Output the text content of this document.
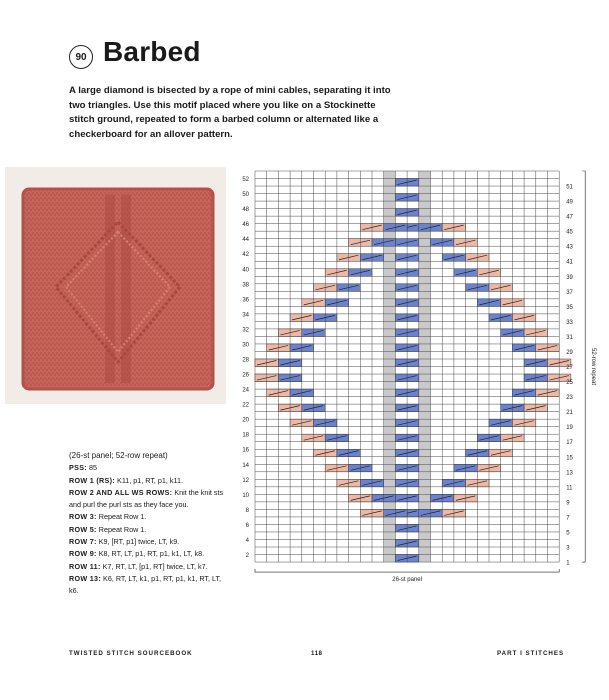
90 Barbed
A large diamond is bisected by a rope of mini cables, separating it into two triangles. Use this motif placed where you like on a Stockinette stitch ground, repeated to form a barbed column or alternated like a checkerboard for an allover pattern.
(26-st panel; 52-row repeat)
PSS: 85
ROW 1 (RS): K11, p1, RT, p1, k11.
ROW 2 AND ALL WS ROWS: Knit the knit sts and purl the purl sts as they face you.
ROW 3: Repeat Row 1.
ROW 5: Repeat Row 1.
ROW 7: K9, [RT, p1] twice, LT, k9.
ROW 9: K8, RT, LT, p1, RT, p1, k1, LT, k8.
ROW 11: K7, RT, LT, [p1, RT] twice, LT, k7.
ROW 13: K6, RT, LT, k1, p1, RT, p1, k1, RT, LT, k6.
52
50
48
46
44
42
40
38
36
34
32
30
28
26
24
22
20
18
16
14
12
10
8
6
4
2
51
49
47
45
43
41
39
37
35
33
31
29
27
25
23
21
19
17
15
13
11
9
7
5
3
1
26-st panel
52-row repeat
TWISTED STITCH SOURCEBOOK	118	PART I STITCHES
